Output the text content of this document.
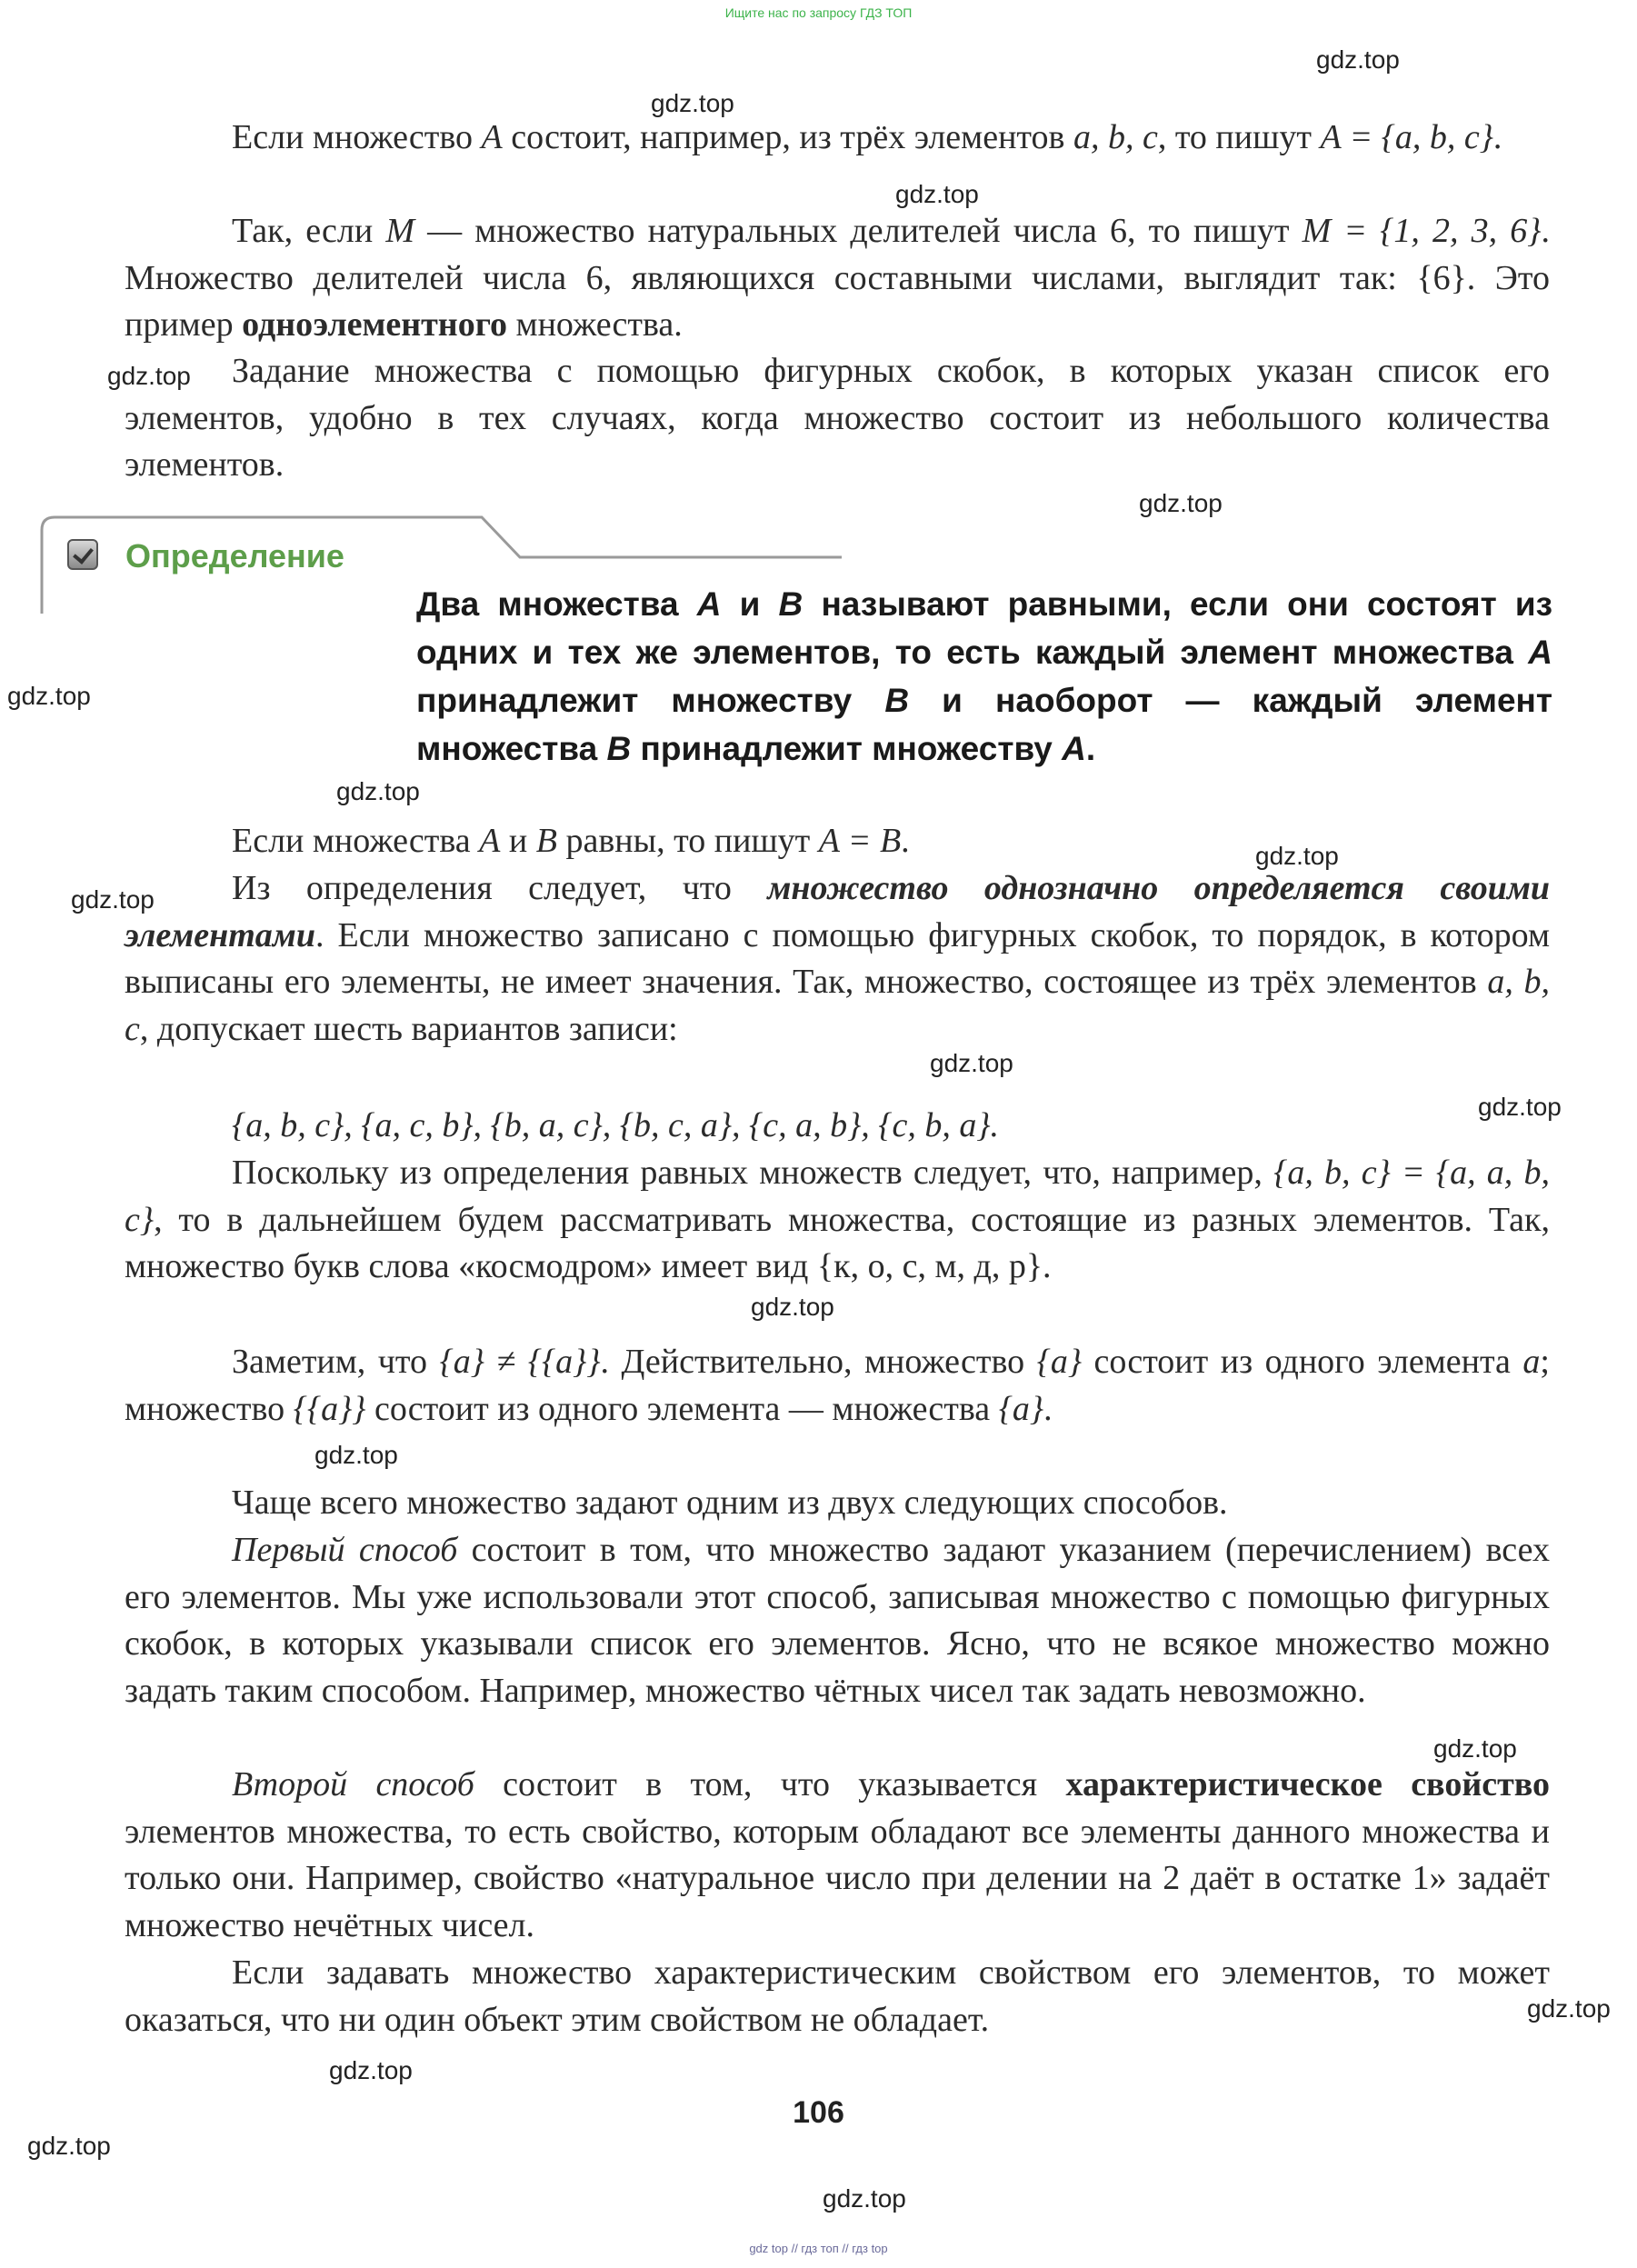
Ищите нас по запросу ГДЗ ТОП
gdz.top
gdz.top
gdz.top
gdz.top
gdz.top
gdz.top
gdz.top
gdz.top
gdz.top
gdz.top
gdz.top
gdz.top
gdz.top
gdz.top
gdz.top
gdz.top
gdz.top
gdz.top

Если множество A состоит, например, из трёх элементов a, b, c, то пишут A = {a, b, c}.

Так, если M — множество натуральных делителей числа 6, то пишут M = {1, 2, 3, 6}. Множество делителей числа 6, являющихся составными числами, выглядит так: {6}. Это пример одноэлементного множества.

Задание множества с помощью фигурных скобок, в которых указан список его элементов, удобно в тех случаях, когда множество состоит из небольшого количества элементов.

Определение

Два множества A и B называют равными, если они состоят из одних и тех же элементов, то есть каждый элемент множества A принадлежит множеству B и наоборот — каждый элемент множества B принадлежит множеству A.

Если множества A и B равны, то пишут A = B.

Из определения следует, что множество однозначно определяется своими элементами. Если множество записано с помощью фигурных скобок, то порядок, в котором выписаны его элементы, не имеет значения. Так, множество, состоящее из трёх элементов a, b, c, допускает шесть вариантов записи:

{a, b, c}, {a, c, b}, {b, a, c}, {b, c, a}, {c, a, b}, {c, b, a}.

Поскольку из определения равных множеств следует, что, например, {a, b, c} = {a, a, b, c}, то в дальнейшем будем рассматривать множества, состоящие из разных элементов. Так, множество букв слова «космодром» имеет вид {к, о, с, м, д, р}.

Заметим, что {a} ≠ {{a}}. Действительно, множество {a} состоит из одного элемента a; множество {{a}} состоит из одного элемента — множества {a}.

Чаще всего множество задают одним из двух следующих способов.

Первый способ состоит в том, что множество задают указанием (перечислением) всех его элементов. Мы уже использовали этот способ, записывая множество с помощью фигурных скобок, в которых указывали список его элементов. Ясно, что не всякое множество можно задать таким способом. Например, множество чётных чисел так задать невозможно.

Второй способ состоит в том, что указывается характеристическое свойство элементов множества, то есть свойство, которым обладают все элементы данного множества и только они. Например, свойство «натуральное число при делении на 2 даёт в остатке 1» задаёт множество нечётных чисел.

Если задавать множество характеристическим свойством его элементов, то может оказаться, что ни один объект этим свойством не обладает.

106
gdz top // гдз топ // гдз top
